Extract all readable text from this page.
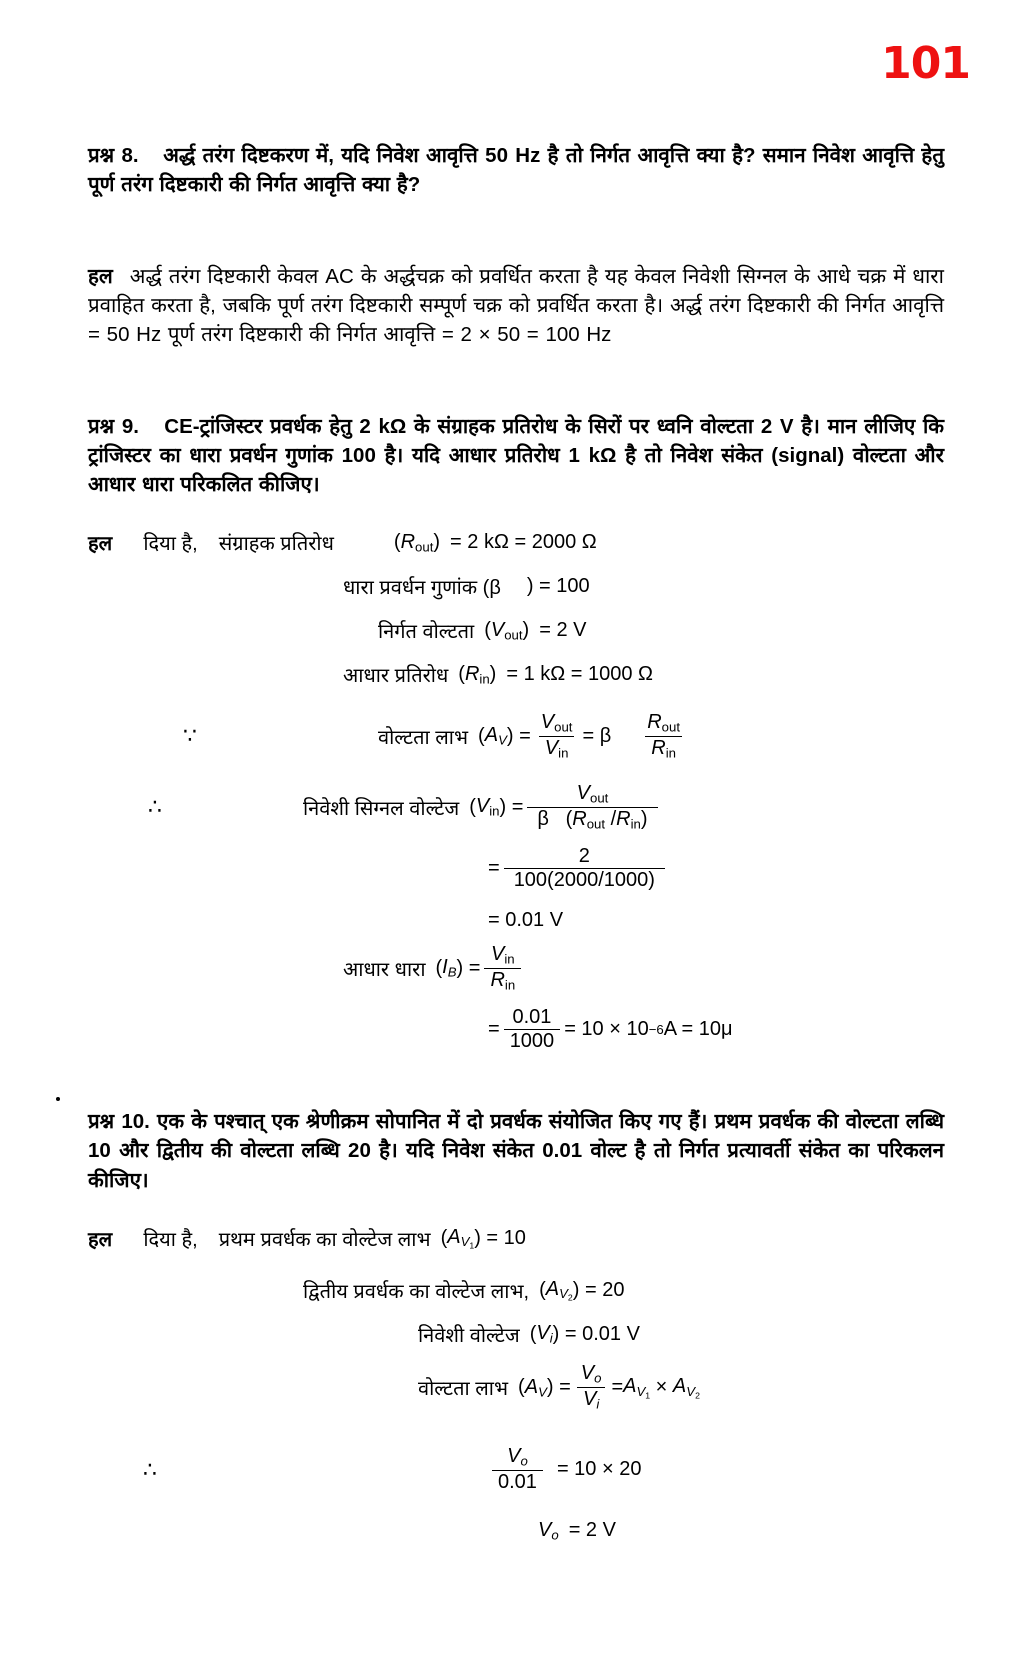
101

प्रश्न 8. अर्द्ध तरंग दिष्टकरण में, यदि निवेश आवृत्ति 50 Hz है तो निर्गत आवृत्ति क्या है? समान निवेश आवृत्ति हेतु पूर्ण तरंग दिष्टकारी की निर्गत आवृत्ति क्या है?

हल अर्द्ध तरंग दिष्टकारी केवल AC के अर्द्धचक्र को प्रवर्धित करता है यह केवल निवेशी सिग्नल के आधे चक्र में धारा प्रवाहित करता है, जबकि पूर्ण तरंग दिष्टकारी सम्पूर्ण चक्र को प्रवर्धित करता है। अर्द्ध तरंग दिष्टकारी की निर्गत आवृत्ति = 50 Hz पूर्ण तरंग दिष्टकारी की निर्गत आवृत्ति = 2 × 50 = 100 Hz

प्रश्न 9. CE-ट्रांजिस्टर प्रवर्धक हेतु 2 kΩ के संग्राहक प्रतिरोध के सिरों पर ध्वनि वोल्टता 2 V है। मान लीजिए कि ट्रांजिस्टर का धारा प्रवर्धन गुणांक 100 है। यदि आधार प्रतिरोध 1 kΩ है तो निवेश संकेत (signal) वोल्टता और आधार धारा परिकलित कीजिए।

हल दिया है, संग्राहक प्रतिरोध	( $R_{out}$ ) = 2 kΩ = 2000 Ω
धारा प्रवर्धन गुणांक (β ) = 100
निर्गत वोल्टता ( $V_{out}$ ) = 2 V
आधार प्रतिरोध ( $R_{in}$ ) = 1 kΩ = 1000 Ω
∵	वोल्टता लाभ ( $A_V$ ) = $\frac{V_{out}}{V_{in}} = \beta \frac{R_{out}}{R_{in}}$
∴	निवेशी सिग्नल वोल्टेज ( $V_{in}$ ) = $\frac{V_{out}}{\beta (R_{out} /R_{in})}$
= $\frac{2}{100(2000/1000)}$
= 0.01 V
आधार धारा ( $I_B$ ) = $\frac{V_{in}}{R_{in}}$
= $\frac{0.01}{1000} = 10 \times 10 -6$ A = 10μ

प्रश्न 10. एक के पश्चात् एक श्रेणीक्रम सोपानित में दो प्रवर्धक संयोजित किए गए हैं। प्रथम प्रवर्धक की वोल्टता लब्धि 10 और द्वितीय की वोल्टता लब्धि 20 है। यदि निवेश संकेत 0.01 वोल्ट है तो निर्गत प्रत्यावर्ती संकेत का परिकलन कीजिए।

हल दिया है, प्रथम प्रवर्धक का वोल्टेज लाभ ( $A_{V_1}$ ) = 10
द्वितीय प्रवर्धक का वोल्टेज लाभ, ( $A_{V_2}$ ) = 20
निवेशी वोल्टेज ( $V_i$ ) = 0.01 V
वोल्टता लाभ ( $A_V$ ) = $\frac{V_o}{V_i} = A_{V_1} \times A_{V_2}$
∴	$\frac{V_o}{0.01} = 10 \times 20$
$V_o = 2$ V
